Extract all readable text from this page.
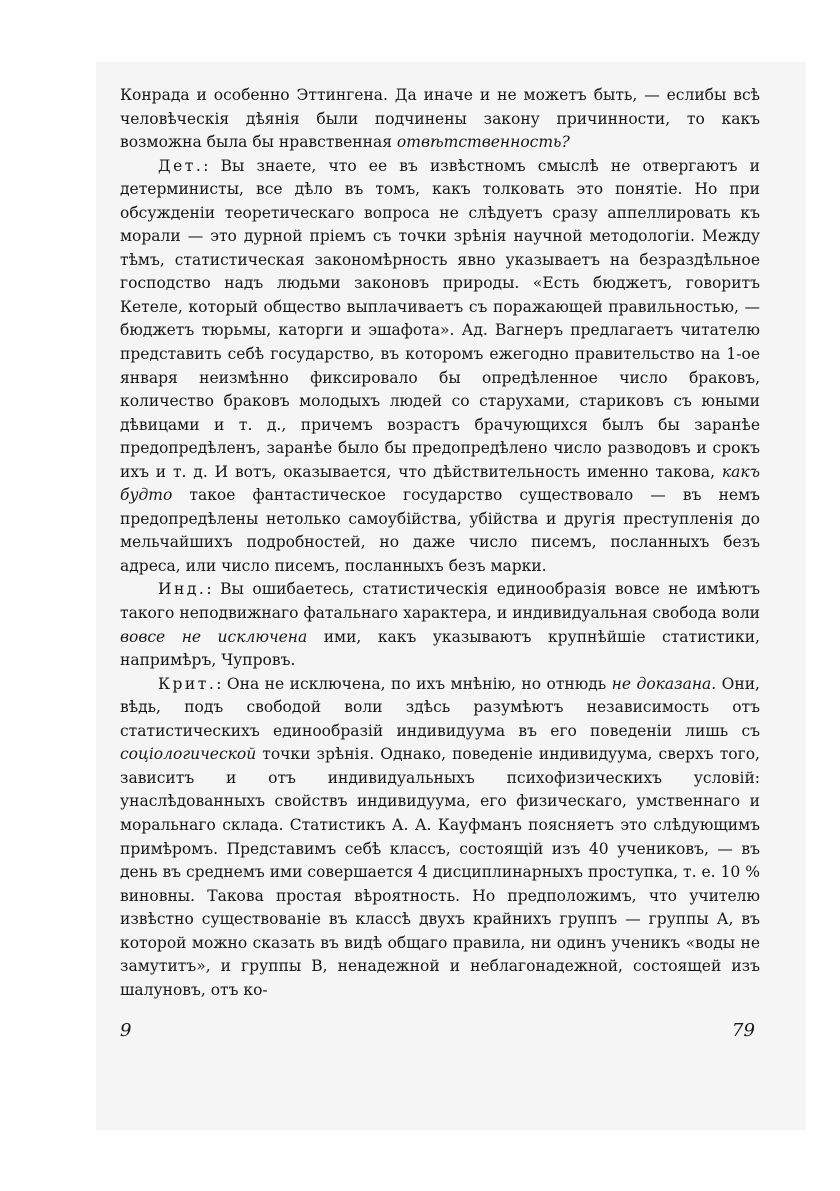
Конрада и особенно Эттингена. Да иначе и не можетъ быть, — еслибы всѣ человѣческія дѣянія были подчинены закону причинности, то какъ возможна была бы нравственная отвѣтственность?

Дет.: Вы знаете, что ее въ извѣстномъ смыслѣ не отвергаютъ и детерминисты, все дѣло въ томъ, какъ толковать это понятіе. Но при обсужденіи теоретическаго вопроса не слѣдуетъ сразу аппеллировать къ морали — это дурной пріемъ съ точки зрѣнія научной методологіи. Между тѣмъ, статистическая закономѣрность явно указываетъ на безраздѣльное господство надъ людьми законовъ природы. «Есть бюджетъ, говоритъ Кетеле, который общество выплачиваетъ съ поражающей правильностью, — бюджетъ тюрьмы, каторги и эшафота». Ад. Вагнеръ предлагаетъ читателю представить себѣ государство, въ которомъ ежегодно правительство на 1-ое января неизмѣнно фиксировало бы опредѣленное число браковъ, количество браковъ молодыхъ людей со старухами, стариковъ съ юными дѣвицами и т. д., причемъ возрастъ брачующихся былъ бы заранѣе предопредѣленъ, заранѣе было бы предопредѣлено число разводовъ и срокъ ихъ и т. д. И вотъ, оказывается, что дѣйствительность именно такова, какъ будто такое фантастическое государство существовало — въ немъ предопредѣлены нетолько самоубійства, убійства и другія преступленія до мельчайшихъ подробностей, но даже число писемъ, посланныхъ безъ адреса, или число писемъ, посланныхъ безъ марки.

Инд.: Вы ошибаетесь, статистическія единообразія вовсе не имѣютъ такого неподвижнаго фатальнаго характера, и индивидуальная свобода воли вовсе не исключена ими, какъ указываютъ крупнѣйшіе статистики, напримѣръ, Чупровъ.

Крит.: Она не исключена, по ихъ мнѣнію, но отнюдь не доказана. Они, вѣдь, подъ свободой воли здѣсь разумѣютъ независимость отъ статистическихъ единообразій индивидуума въ его поведеніи лишь съ соціологической точки зрѣнія. Однако, поведеніе индивидуума, сверхъ того, зависитъ и отъ индивидуальныхъ психофизическихъ условій: унаслѣдованныхъ свойствъ индивидуума, его физическаго, умственнаго и моральнаго склада. Статистикъ А. А. Кауфманъ поясняетъ это слѣдующимъ примѣромъ. Представимъ себѣ классъ, состоящій изъ 40 учениковъ, — въ день въ среднемъ ими совершается 4 дисциплинарныхъ проступка, т. е. 10 % виновны. Такова простая вѣроятность. Но предположимъ, что учителю извѣстно существованіе въ классѣ двухъ крайнихъ группъ — группы А, въ которой можно сказать въ видѣ общаго правила, ни одинъ ученикъ «воды не замутитъ», и группы В, ненадежной и неблагонадежной, состоящей изъ шалуновъ, отъ ко-

9	79
